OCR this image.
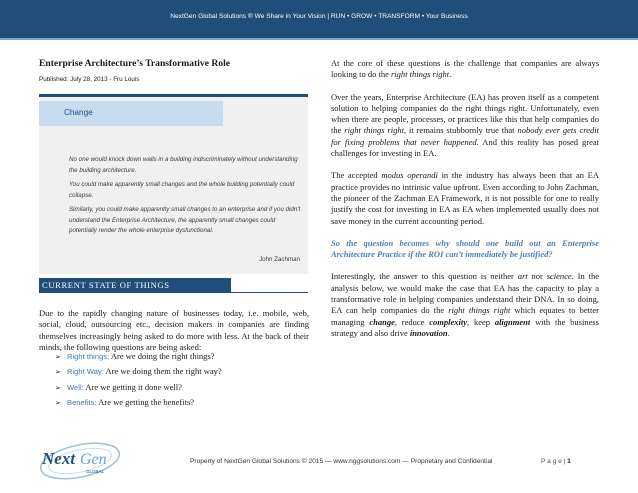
NextGen Global Solutions ® We Share in Your Vision | RUN • GROW • TRANSFORM • Your Business
Enterprise Architecture’s Transformative Role
Published: July 28, 2013 - Fru Louis
Change

No one would knock down walls in a building indiscriminately without understanding the building architecture.

You could make apparently small changes and the whole building potentially could collapse.

Similarly, you could make apparently small changes to an enterprise and if you didn’t understand the Enterprise Architecture, the apparently small changes could potentially render the whole enterprise dysfunctional.

John Zachman
CURRENT STATE OF THINGS
Due to the rapidly changing nature of businesses today, i.e. mobile, web, social, cloud, outsourcing etc., decision makers in companies are finding themselves increasingly being asked to do more with less. At the back of their minds, the following questions are being asked:
➢ Right things: Are we doing the right things?
➢ Right Way: Are we doing them the right way?
➢ Well: Are we getting it done well?
➢ Benefits: Are we getting the benefits?

At the core of these questions is the challenge that companies are always looking to do the right things right.

Over the years, Enterprise Architecture (EA) has proven itself as a competent solution to helping companies do the right things right. Unfortunately, even when there are people, processes, or practices like this that help companies do the right things right, it remains stubbornly true that nobody ever gets credit for fixing problems that never happened. And this reality has posed great challenges for investing in EA.

The accepted modus operandi in the industry has always been that an EA practice provides no intrinsic value upfront. Even according to John Zachman, the pioneer of the Zachman EA Framework, it is not possible for one to really justify the cost for investing in EA as EA when implemented usually does not save money in the current accounting period.

So the question becomes why should one build out an Enterprise Architecture Practice if the ROI can’t immediately be justified?

Interestingly, the answer to this question is neither art nor science. In the analysis below, we would make the case that EA has the capacity to play a transformative role in helping companies understand their DNA. In so doing, EA can help companies do the right things right which equates to better managing change, reduce complexity, keep alignment with the business strategy and also drive innovation.

Next Gen
GLOBAL
Property of NextGen Global Solutions © 2015 — www.nggsolutions.com — Proprietary and Confidential	P a g e | 1
